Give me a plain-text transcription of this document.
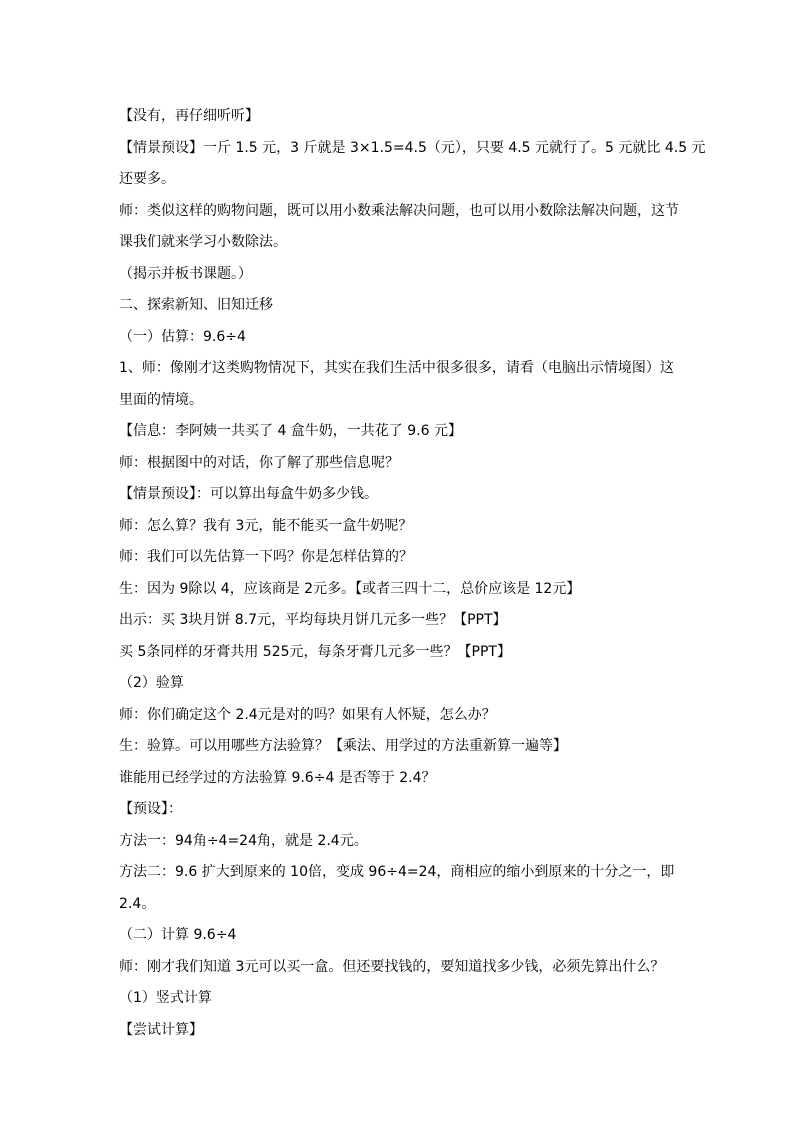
【没有，再仔细听听】

【情景预设】一斤 1.5 元，3 斤就是 3×1.5=4.5（元），只要 4.5 元就行了。5 元就比 4.5 元

还要多。

师：类似这样的购物问题，既可以用小数乘法解决问题，也可以用小数除法解决问题，这节

课我们就来学习小数除法。

（揭示并板书课题。）

二、探索新知、旧知迁移

（一）估算：9.6÷4

1、师：像刚才这类购物情况下，其实在我们生活中很多很多，请看（电脑出示情境图）这

里面的情境。

【信息：李阿姨一共买了 4 盒牛奶，一共花了 9.6 元】

师：根据图中的对话，你了解了那些信息呢？

【情景预设】：可以算出每盒牛奶多少钱。

师：怎么算？我有 3元，能不能买一盒牛奶呢？

师：我们可以先估算一下吗？你是怎样估算的？

生：因为 9除以 4，应该商是 2元多。【或者三四十二，总价应该是 12元】

出示：买 3块月饼 8.7元，平均每块月饼几元多一些？【PPT】

买 5条同样的牙膏共用 525元，每条牙膏几元多一些？【PPT】

（2）验算

师：你们确定这个 2.4元是对的吗？如果有人怀疑，怎么办？

生：验算。可以用哪些方法验算？【乘法、用学过的方法重新算一遍等】

谁能用已经学过的方法验算 9.6÷4 是否等于 2.4？

【预设】：

方法一：94角÷4=24角，就是 2.4元。

方法二：9.6 扩大到原来的 10倍，变成 96÷4=24，商相应的缩小到原来的十分之一，即

2.4。

（二）计算 9.6÷4

师：刚才我们知道 3元可以买一盒。但还要找钱的，要知道找多少钱，必须先算出什么？

（1）竖式计算

【尝试计算】
